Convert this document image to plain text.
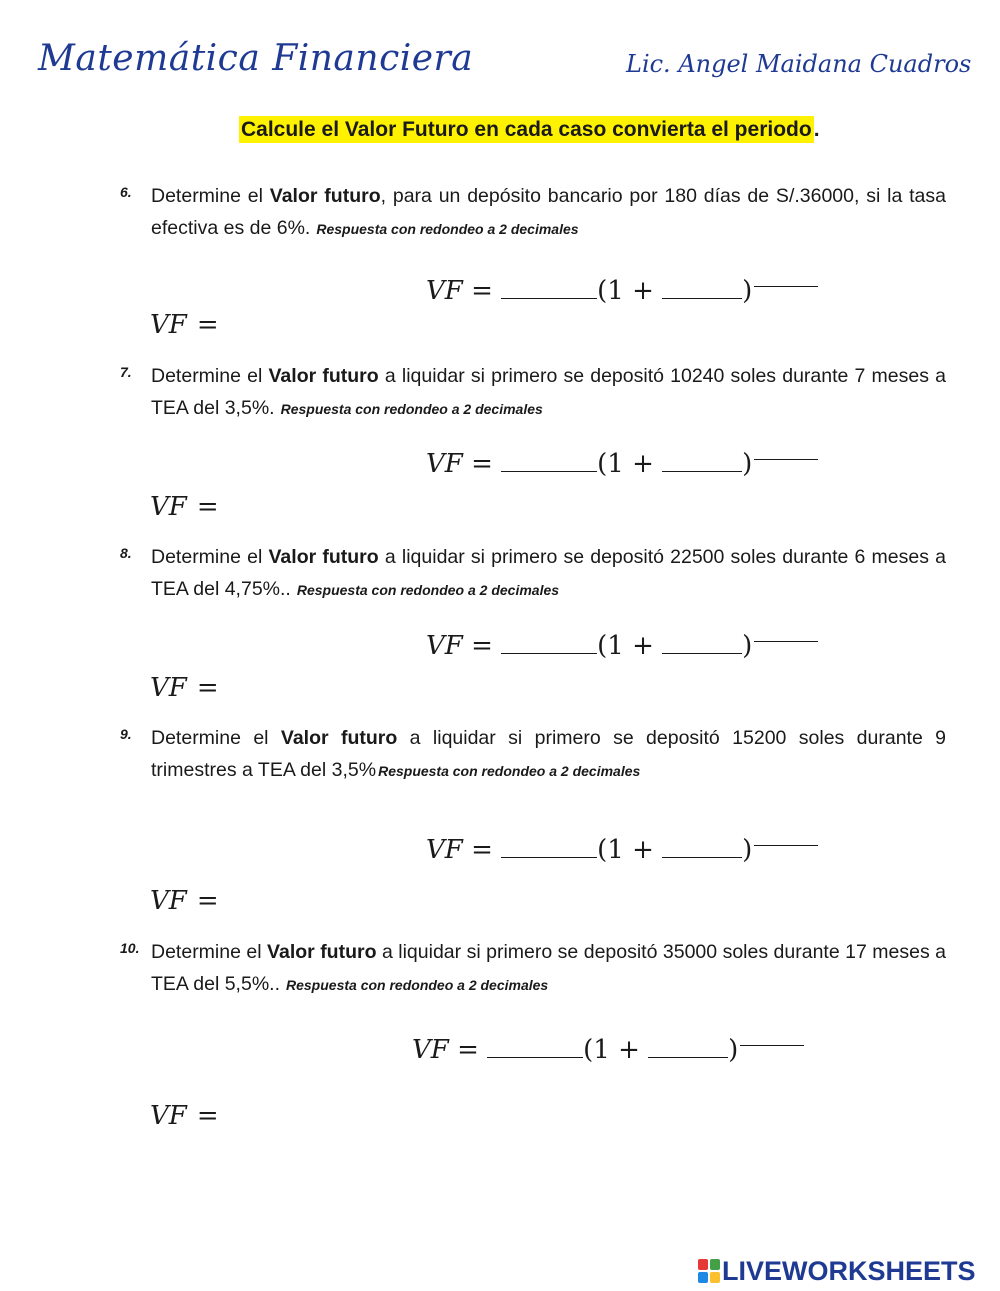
Matemática Financiera	Lic. Angel Maidana Cuadros
Calcule el Valor Futuro en cada caso convierta el periodo.
6. Determine el Valor futuro, para un depósito bancario por 180 días de S/.36000, si la tasa efectiva es de 6%. Respuesta con redondeo a 2 decimales
VF =	(1 +	)
VF =
7. Determine el Valor futuro a liquidar si primero se depositó 10240 soles durante 7 meses a TEA del 3,5%. Respuesta con redondeo a 2 decimales
VF =	(1 +	)
VF =
8. Determine el Valor futuro a liquidar si primero se depositó 22500 soles durante 6 meses a TEA del 4,75%.. Respuesta con redondeo a 2 decimales
VF =	(1 +	)
VF =
9. Determine el Valor futuro a liquidar si primero se depositó 15200 soles durante 9 trimestres a TEA del 3,5% Respuesta con redondeo a 2 decimales
VF =	(1 +	)
VF =
10. Determine el Valor futuro a liquidar si primero se depositó 35000 soles durante 17 meses a TEA del 5,5%.. Respuesta con redondeo a 2 decimales
VF =	(1 +	)
VF =
LIVEWORKSHEETS
